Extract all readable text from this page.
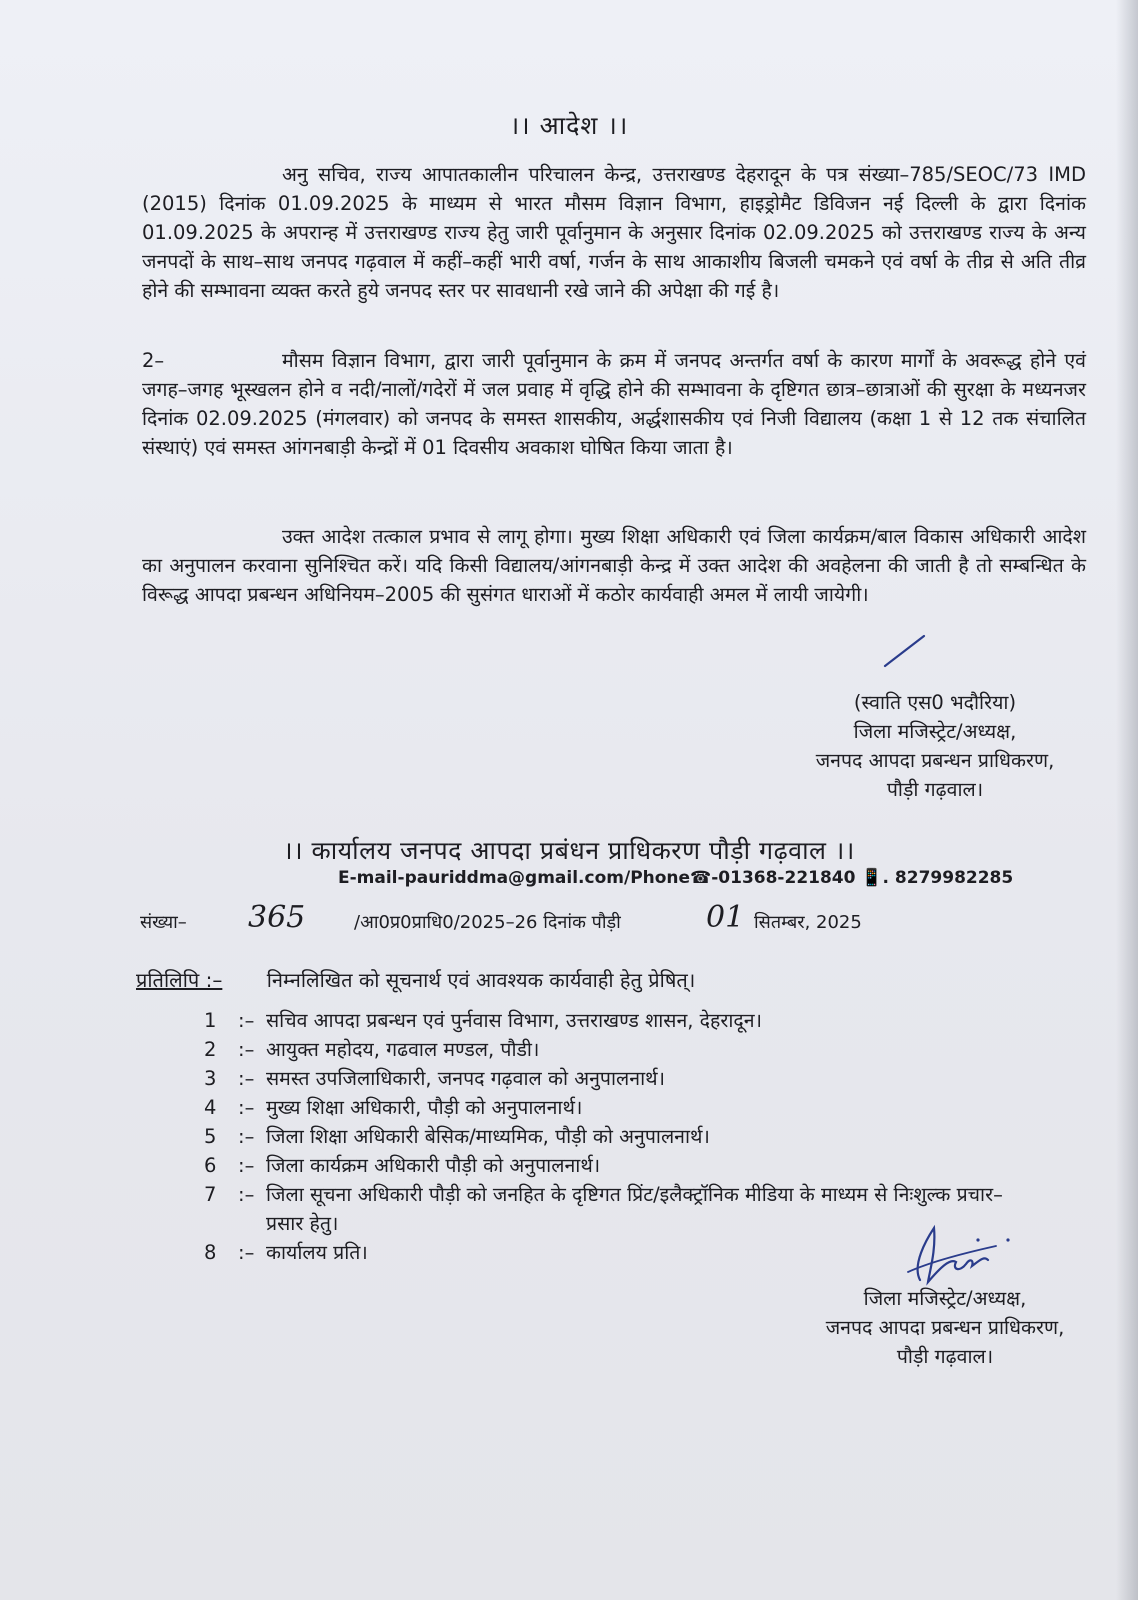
।। आदेश ।।
अनु सचिव, राज्य आपातकालीन परिचालन केन्द्र, उत्तराखण्ड देहरादून के पत्र संख्या–785/SEOC/73 IMD (2015) दिनांक 01.09.2025 के माध्यम से भारत मौसम विज्ञान विभाग, हाइड्रोमैट डिविजन नई दिल्ली के द्वारा दिनांक 01.09.2025 के अपरान्ह में उत्तराखण्ड राज्य हेतु जारी पूर्वानुमान के अनुसार दिनांक 02.09.2025 को उत्तराखण्ड राज्य के अन्य जनपदों के साथ–साथ जनपद गढ़वाल में कहीं–कहीं भारी वर्षा, गर्जन के साथ आकाशीय बिजली चमकने एवं वर्षा के तीव्र से अति तीव्र होने की सम्भावना व्यक्त करते हुये जनपद स्तर पर सावधानी रखे जाने की अपेक्षा की गई है।
2–	मौसम विज्ञान विभाग, द्वारा जारी पूर्वानुमान के क्रम में जनपद अन्तर्गत वर्षा के कारण मार्गों के अवरूद्ध होने एवं जगह–जगह भूस्खलन होने व नदी/नालों/गदेरों में जल प्रवाह में वृद्धि होने की सम्भावना के दृष्टिगत छात्र–छात्राओं की सुरक्षा के मध्यनजर दिनांक 02.09.2025 (मंगलवार) को जनपद के समस्त शासकीय, अर्द्धशासकीय एवं निजी विद्यालय (कक्षा 1 से 12 तक संचालित संस्थाएं) एवं समस्त आंगनबाड़ी केन्द्रों में 01 दिवसीय अवकाश घोषित किया जाता है।
उक्त आदेश तत्काल प्रभाव से लागू होगा। मुख्य शिक्षा अधिकारी एवं जिला कार्यक्रम/बाल विकास अधिकारी आदेश का अनुपालन करवाना सुनिश्चित करें। यदि किसी विद्यालय/आंगनबाड़ी केन्द्र में उक्त आदेश की अवहेलना की जाती है तो सम्बन्धित के विरूद्ध आपदा प्रबन्धन अधिनियम–2005 की सुसंगत धाराओं में कठोर कार्यवाही अमल में लायी जायेगी।
(स्वाति एस0 भदौरिया)
जिला मजिस्ट्रेट/अध्यक्ष,
जनपद आपदा प्रबन्धन प्राधिकरण,
पौड़ी गढ़वाल।
।। कार्यालय जनपद आपदा प्रबंधन प्राधिकरण पौड़ी गढ़वाल ।।
E-mail-pauriddma@gmail.com/Phone☎-01368-221840 📱. 8279982285
संख्या– 365	/आ0प्र0प्राधि0/2025–26 दिनांक पौड़ी	01 सितम्बर, 2025
प्रतिलिपि :– निम्नलिखित को सूचनार्थ एवं आवश्यक कार्यवाही हेतु प्रेषित्।
1	:– सचिव आपदा प्रबन्धन एवं पुर्नवास विभाग, उत्तराखण्ड शासन, देहरादून।
2	:– आयुक्त महोदय, गढवाल मण्डल, पौडी।
3	:– समस्त उपजिलाधिकारी, जनपद गढ़वाल को अनुपालनार्थ।
4	:– मुख्य शिक्षा अधिकारी, पौड़ी को अनुपालनार्थ।
5	:– जिला शिक्षा अधिकारी बेसिक/माध्यमिक, पौड़ी को अनुपालनार्थ।
6	:– जिला कार्यक्रम अधिकारी पौड़ी को अनुपालनार्थ।
7	:– जिला सूचना अधिकारी पौड़ी को जनहित के दृष्टिगत प्रिंट/इलैक्ट्रॉनिक मीडिया के माध्यम से निःशुल्क प्रचार–प्रसार हेतु।
8	:– कार्यालय प्रति।
जिला मजिस्ट्रेट/अध्यक्ष,
जनपद आपदा प्रबन्धन प्राधिकरण,
पौड़ी गढ़वाल।
